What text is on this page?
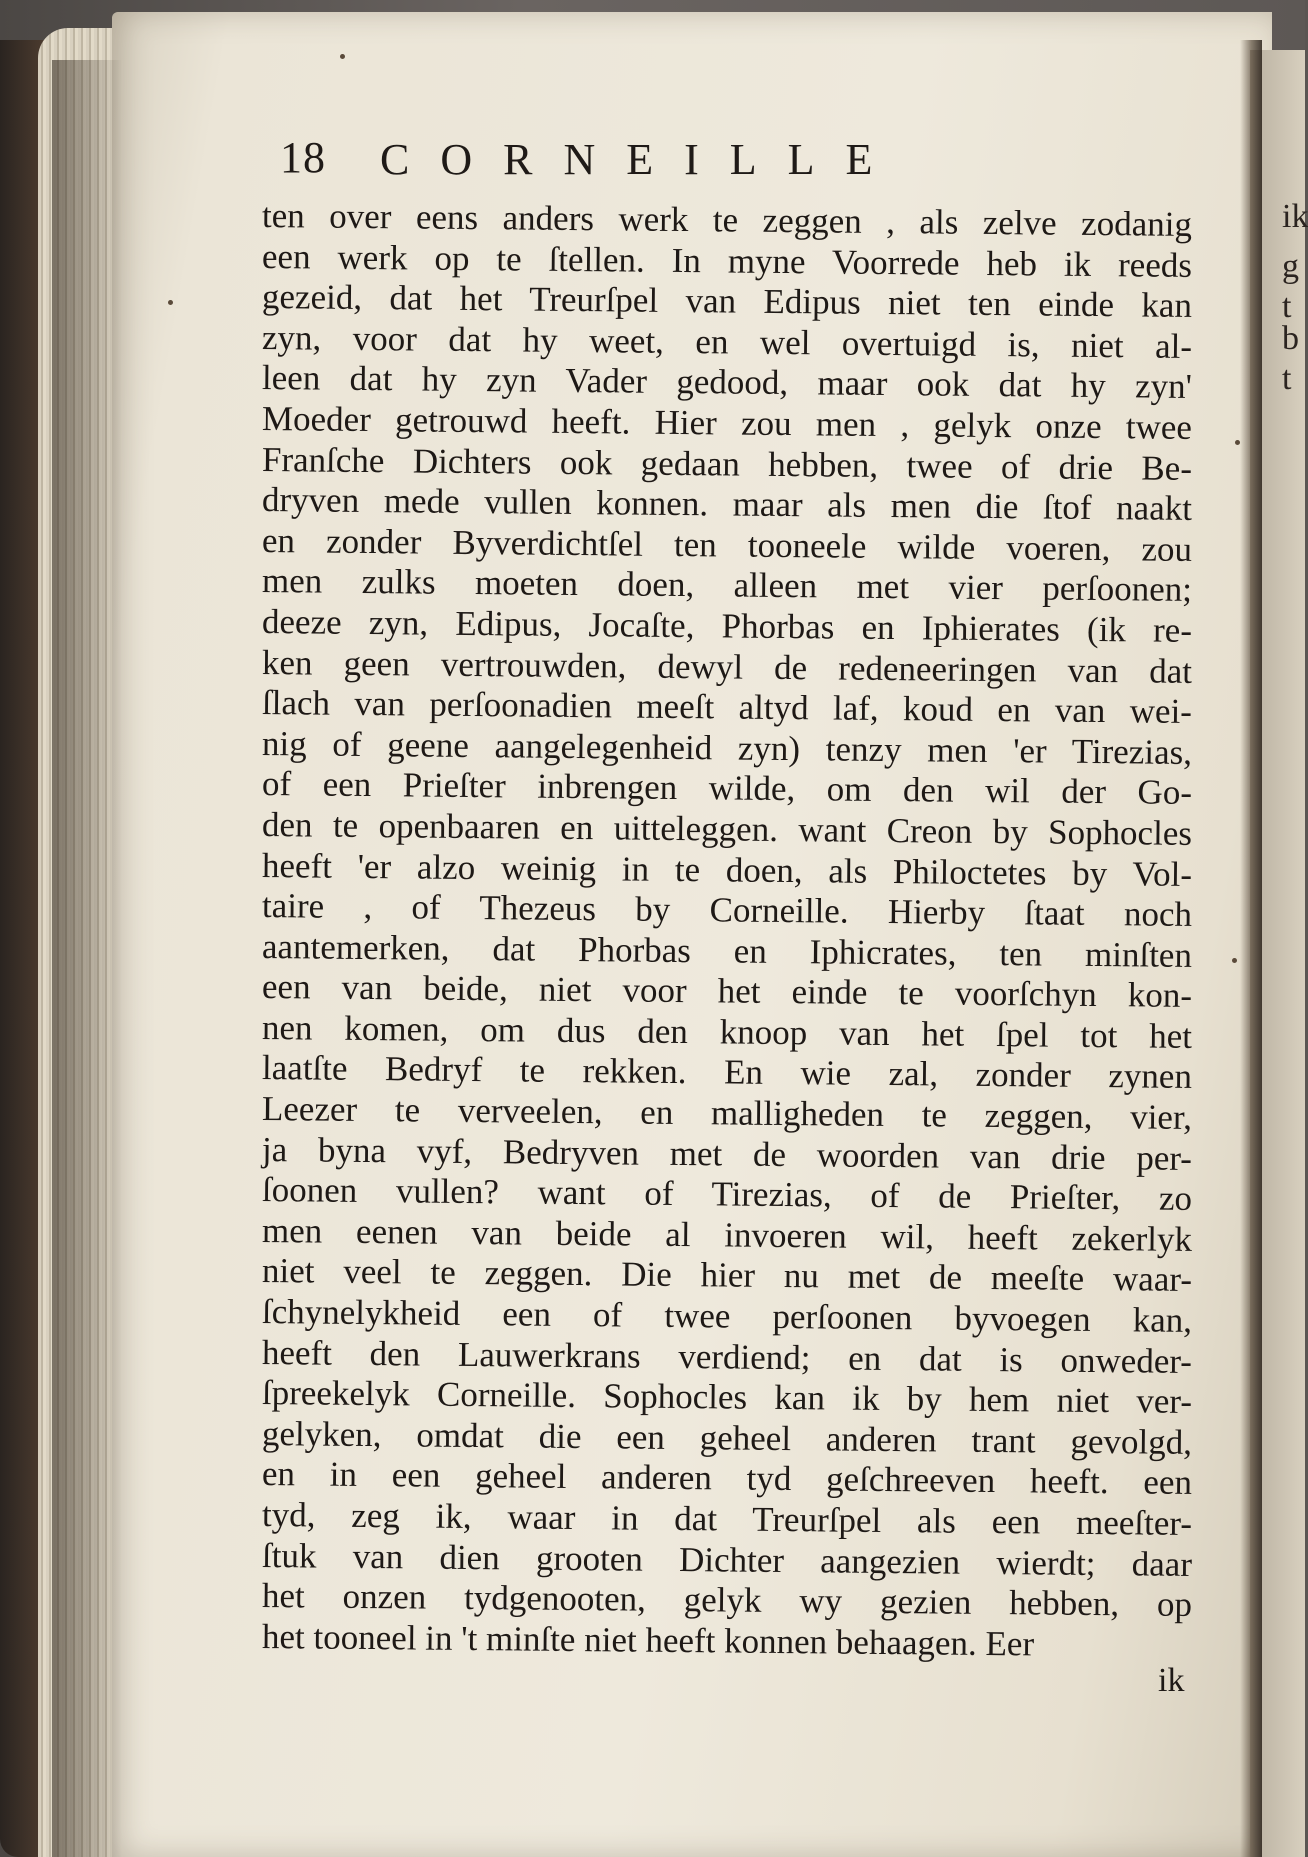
ik
g
t
b
t
18 CORNEILLE
ten over eens anders werk te zeggen , als zelve zodanig
een werk op te ſtellen. In myne Voorrede heb ik reeds
gezeid, dat het Treurſpel van Edipus niet ten einde kan
zyn, voor dat hy weet, en wel overtuigd is, niet al-
leen dat hy zyn Vader gedood, maar ook dat hy zyn'
Moeder getrouwd heeft. Hier zou men , gelyk onze twee
Franſche Dichters ook gedaan hebben, twee of drie Be-
dryven mede vullen konnen. maar als men die ſtof naakt
en zonder Byverdichtſel ten tooneele wilde voeren, zou
men zulks moeten doen, alleen met vier perſoonen;
deeze zyn, Edipus, Jocaſte, Phorbas en Iphierates (ik re-
ken geen vertrouwden, dewyl de redeneeringen van dat
ſlach van perſoonadien meeſt altyd laf, koud en van wei-
nig of geene aangelegenheid zyn) tenzy men 'er Tirezias,
of een Prieſter inbrengen wilde, om den wil der Go-
den te openbaaren en uitteleggen. want Creon by Sophocles
heeft 'er alzo weinig in te doen, als Philoctetes by Vol-
taire , of Thezeus by Corneille. Hierby ſtaat noch
aantemerken, dat Phorbas en Iphicrates, ten minſten
een van beide, niet voor het einde te voorſchyn kon-
nen komen, om dus den knoop van het ſpel tot het
laatſte Bedryf te rekken. En wie zal, zonder zynen
Leezer te verveelen, en malligheden te zeggen, vier,
ja byna vyf, Bedryven met de woorden van drie per-
ſoonen vullen? want of Tirezias, of de Prieſter, zo
men eenen van beide al invoeren wil, heeft zekerlyk
niet veel te zeggen. Die hier nu met de meeſte waar-
ſchynelykheid een of twee perſoonen byvoegen kan,
heeft den Lauwerkrans verdiend; en dat is onweder-
ſpreekelyk Corneille. Sophocles kan ik by hem niet ver-
gelyken, omdat die een geheel anderen trant gevolgd,
en in een geheel anderen tyd geſchreeven heeft. een
tyd, zeg ik, waar in dat Treurſpel als een meeſter-
ſtuk van dien grooten Dichter aangezien wierdt; daar
het onzen tydgenooten, gelyk wy gezien hebben, op
het tooneel in 't minſte niet heeft konnen behaagen. Eer
ik
